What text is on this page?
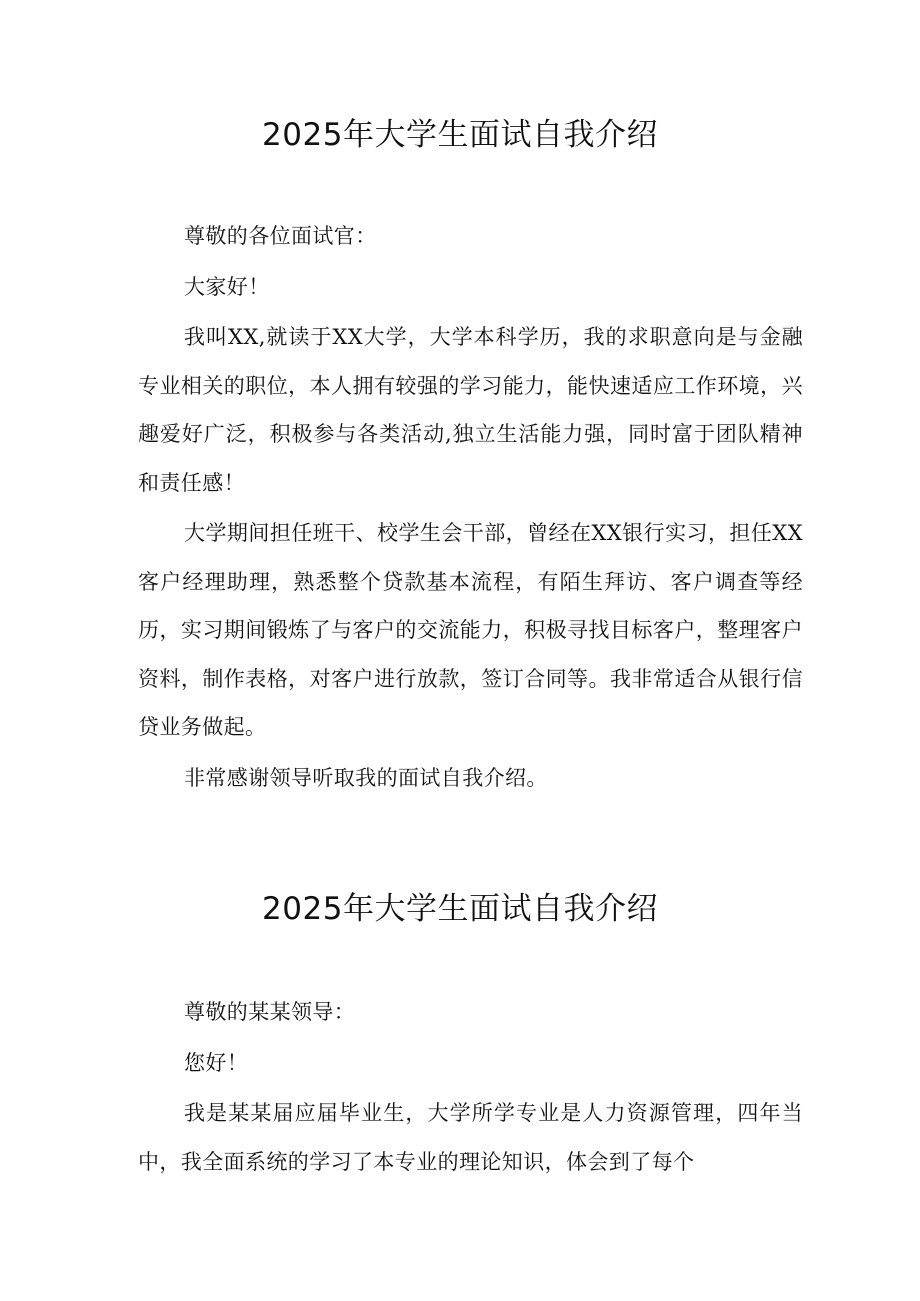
2025年大学生面试自我介绍

尊敬的各位面试官：

大家好！

我叫XX,就读于XX大学，大学本科学历，我的求职意向是与金融专业相关的职位，本人拥有较强的学习能力，能快速适应工作环境，兴趣爱好广泛，积极参与各类活动,独立生活能力强，同时富于团队精神和责任感！

大学期间担任班干、校学生会干部，曾经在XX银行实习，担任XX客户经理助理，熟悉整个贷款基本流程，有陌生拜访、客户调查等经历，实习期间锻炼了与客户的交流能力，积极寻找目标客户，整理客户资料，制作表格，对客户进行放款，签订合同等。我非常适合从银行信贷业务做起。

非常感谢领导听取我的面试自我介绍。

2025年大学生面试自我介绍

尊敬的某某领导：

您好！

我是某某届应届毕业生，大学所学专业是人力资源管理，四年当中，我全面系统的学习了本专业的理论知识，体会到了每个
